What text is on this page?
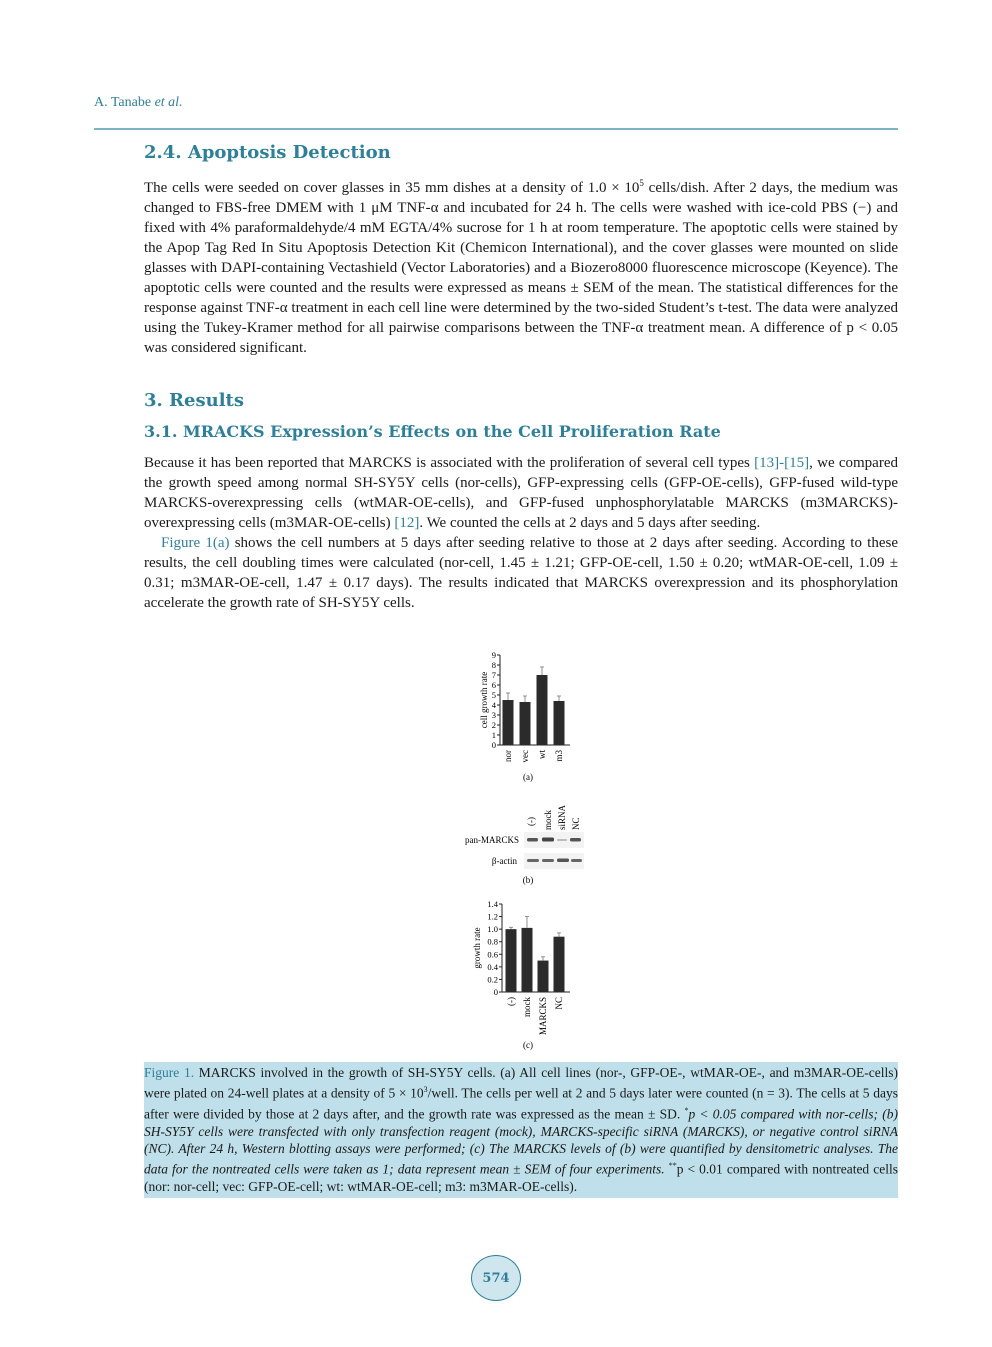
A. Tanabe et al.
2.4. Apoptosis Detection

The cells were seeded on cover glasses in 35 mm dishes at a density of $1.0 \times 10^5$ cells/dish. After 2 days, the medium was changed to FBS-free DMEM with 1 μM TNF-α and incubated for 24 h. The cells were washed with ice-cold PBS (−) and fixed with 4% paraformaldehyde/4 mM EGTA/4% sucrose for 1 h at room temperature. The apoptotic cells were stained by the Apop Tag Red In Situ Apoptosis Detection Kit (Chemicon International), and the cover glasses were mounted on slide glasses with DAPI-containing Vectashield (Vector Laboratories) and a Biozero8000 fluorescence microscope (Keyence). The apoptotic cells were counted and the results were expressed as means ± SEM of the mean. The statistical differences for the response against TNF-α treatment in each cell line were determined by the two-sided Student’s t-test. The data were analyzed using the Tukey-Kramer method for all pairwise comparisons between the TNF-α treatment mean. A difference of p < 0.05 was considered significant.

3. Results
3.1. MRACKS Expression’s Effects on the Cell Proliferation Rate

Because it has been reported that MARCKS is associated with the proliferation of several cell types [13]-[15], we compared the growth speed among normal SH-SY5Y cells (nor-cells), GFP-expressing cells (GFP-OE-cells), GFP-fused wild-type MARCKS-overexpressing cells (wtMAR-OE-cells), and GFP-fused unphosphorylatable MARCKS (m3MARCKS)-overexpressing cells (m3MAR-OE-cells) [12]. We counted the cells at 2 days and 5 days after seeding.

Figure 1(a) shows the cell numbers at 5 days after seeding relative to those at 2 days after seeding. According to these results, the cell doubling times were calculated (nor-cell, 1.45 ± 1.21; GFP-OE-cell, 1.50 ± 0.20; wtMAR-OE-cell, 1.09 ± 0.31; m3MAR-OE-cell, 1.47 ± 0.17 days). The results indicated that MARCKS overexpression and its phosphorylation accelerate the growth rate of SH-SY5Y cells.

cell growth rate
0
1
2
3
4
5
6
7
8
9
nor vec wt m3
(a)
(-) mock siRNA NC
pan-MARCKS
β-actin
(b)
growth rate
0
0.2
0.4
0.6
0.8
1.0
1.2
1.4
(-) mock MARCKS NC
(c)
Figure 1. MARCKS involved in the growth of SH-SY5Y cells. (a) All cell lines (nor-, GFP-OE-, wtMAR-OE-, and m3MAR-OE-cells) were plated on 24-well plates at a density of $5 \times 10^3$/well. The cells per well at 2 and 5 days later were counted (n = 3). The cells at 5 days after were divided by those at 2 days after, and the growth rate was expressed as the mean ± SD. *p < 0.05 compared with nor-cells; (b) SH-SY5Y cells were transfected with only transfection reagent (mock), MARCKS-specific siRNA (MARCKS), or negative control siRNA (NC). After 24 h, Western blotting assays were performed; (c) The MARCKS levels of (b) were quantified by densitometric analyses. The data for the nontreated cells were taken as 1; data represent mean ± SEM of four experiments. **p < 0.01 compared with nontreated cells (nor: nor-cell; vec: GFP-OE-cell; wt: wtMAR-OE-cell; m3: m3MAR-OE-cells).
574
